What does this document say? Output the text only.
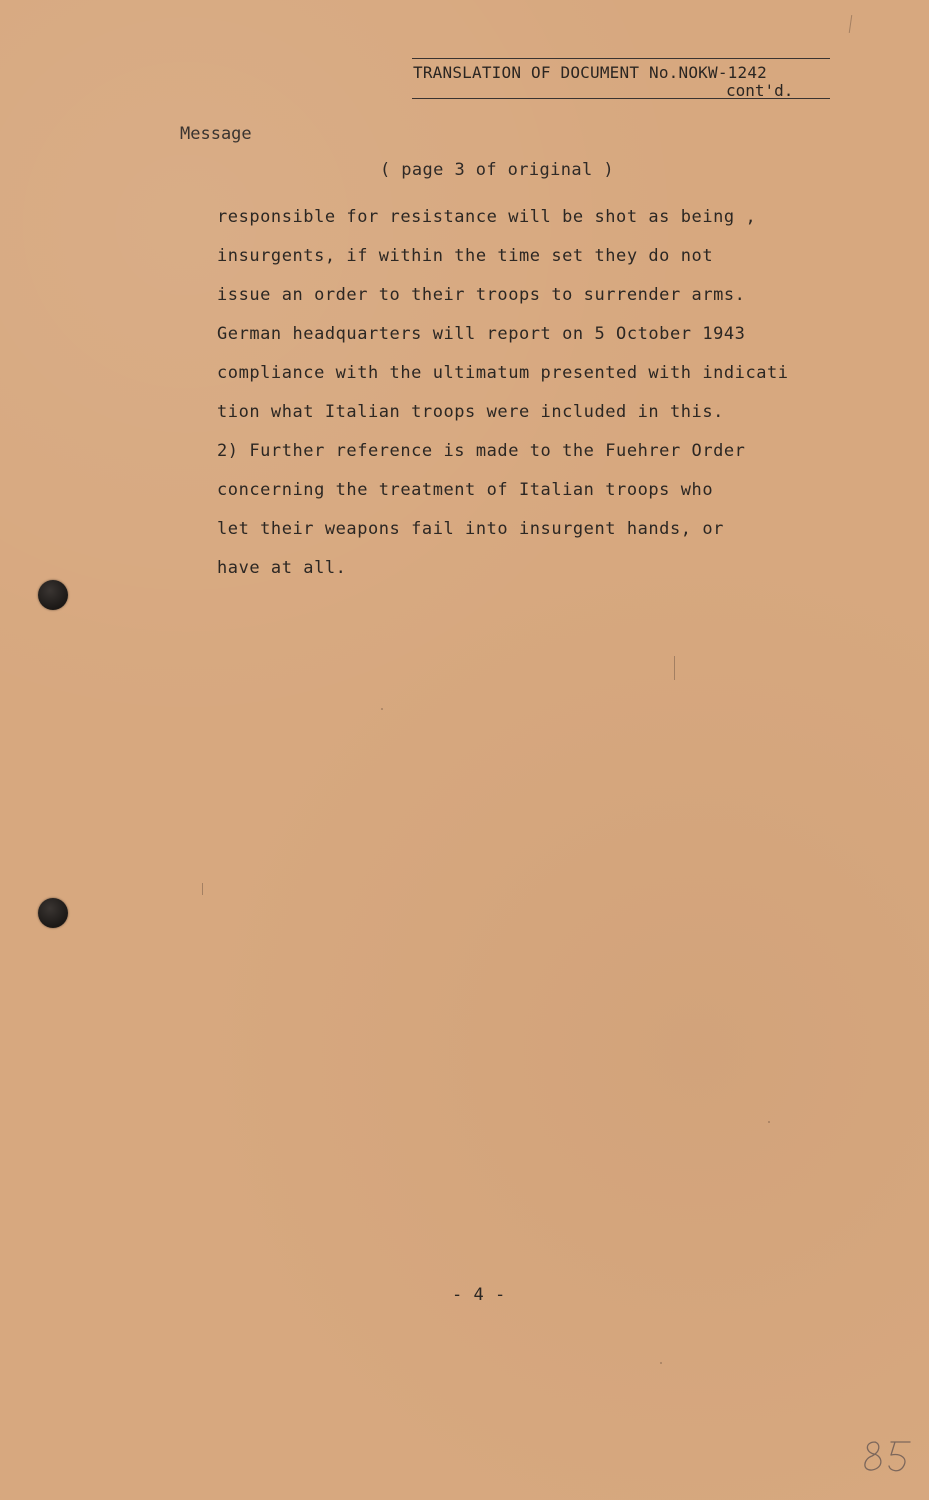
TRANSLATION OF DOCUMENT No.NOKW-1242
cont'd.
Message
( page 3 of original )
responsible for resistance will be shot as being ,
insurgents, if within the time set they do not
issue an order to their troops to surrender arms.
German headquarters will report on 5 October 1943
compliance with the ultimatum presented with indicati
tion what Italian troops were included in this.
2) Further reference is made to the Fuehrer Order
concerning the treatment of Italian troops who
let their weapons fail into insurgent hands, or
have at all.
- 4 -
